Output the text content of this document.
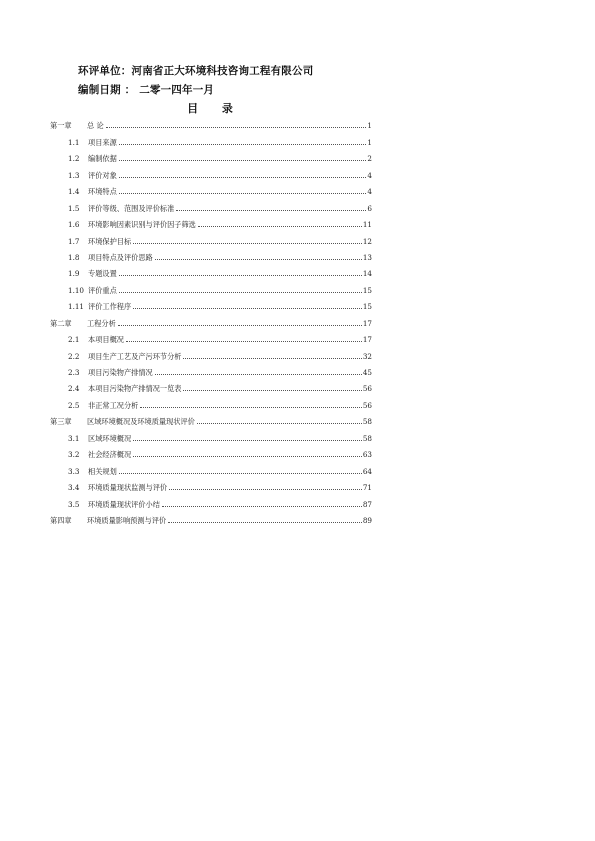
环评单位：河南省正大环境科技咨询工程有限公司
编制日期 ： 二零一四年一月
目 录
第一章	总 论	1
1.1	项目来源	1
1.2	编制依据	2
1.3	评价对象	4
1.4	环境特点	4
1.5	评价等级、范围及评价标准	6
1.6	环境影响因素识别与评价因子筛选	11
1.7	环境保护目标	12
1.8	项目特点及评价思路	13
1.9	专题设置	14
1.10 评价重点	15
1.11 评价工作程序	15
第二章	工程分析	17
2.1	本项目概况	17
2.2	项目生产工艺及产污环节分析	32
2.3	项目污染物产排情况	45
2.4	本项目污染物产排情况一览表	56
2.5	非正常工况分析	56
第三章	区域环境概况及环境质量现状评价	58
3.1	区域环境概况	58
3.2	社会经济概况	63
3.3	相关规划	64
3.4	环境质量现状监测与评价	71
3.5	环境质量现状评价小结	87
第四章	环境质量影响预测与评价	89
